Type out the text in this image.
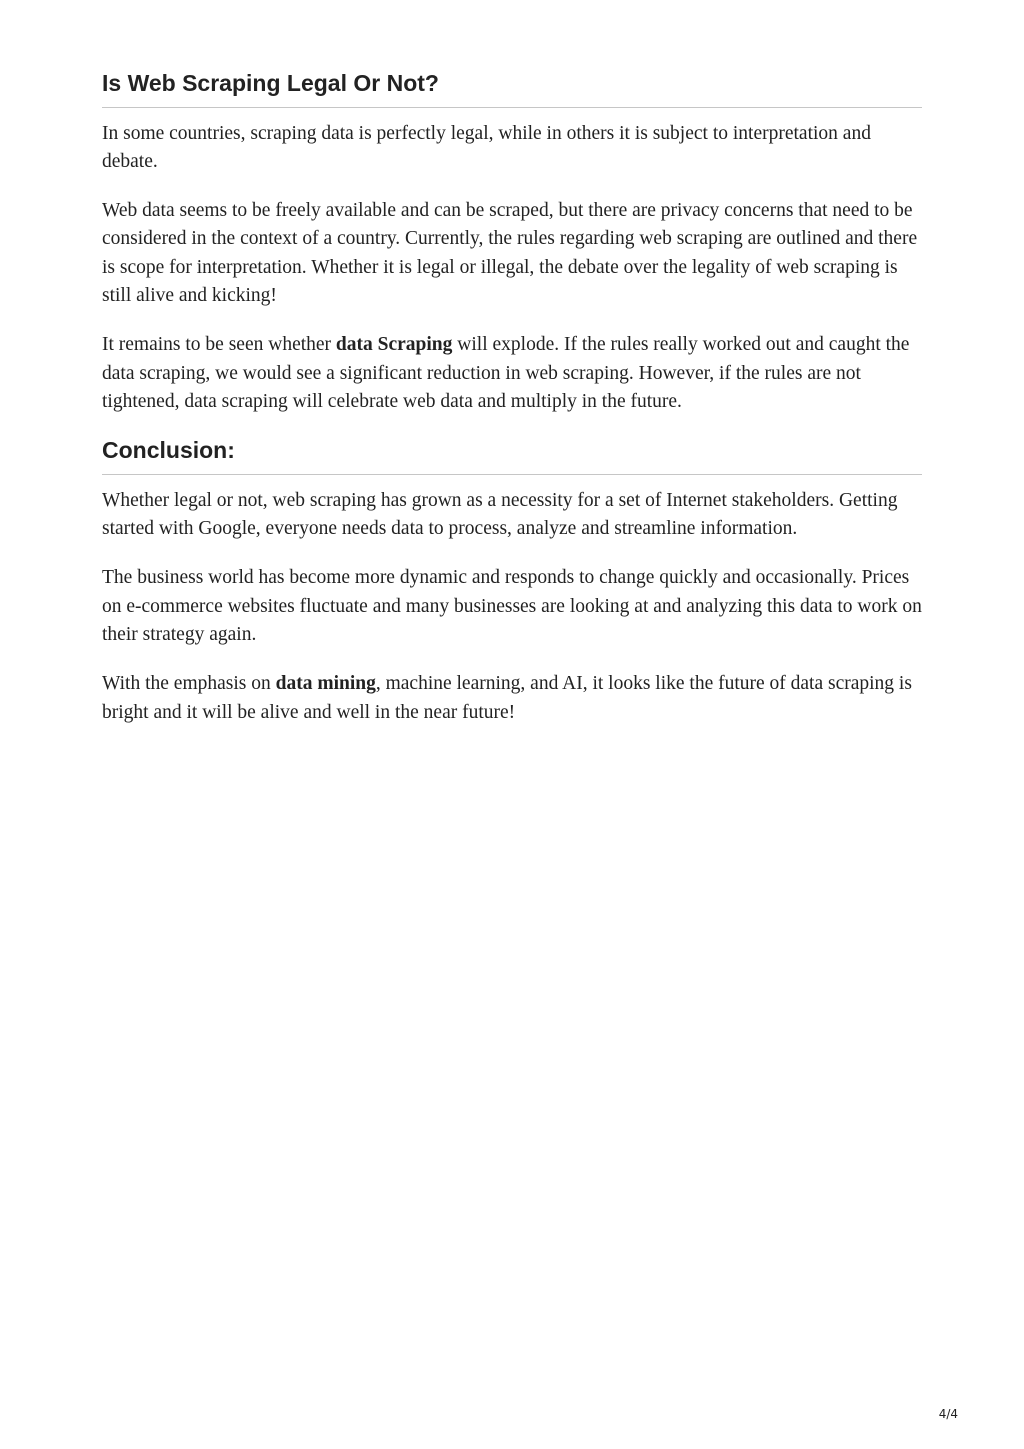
Is Web Scraping Legal Or Not?

In some countries, scraping data is perfectly legal, while in others it is subject to interpretation and debate.

Web data seems to be freely available and can be scraped, but there are privacy concerns that need to be considered in the context of a country. Currently, the rules regarding web scraping are outlined and there is scope for interpretation. Whether it is legal or illegal, the debate over the legality of web scraping is still alive and kicking!

It remains to be seen whether data Scraping will explode. If the rules really worked out and caught the data scraping, we would see a significant reduction in web scraping. However, if the rules are not tightened, data scraping will celebrate web data and multiply in the future.

Conclusion:

Whether legal or not, web scraping has grown as a necessity for a set of Internet stakeholders. Getting started with Google, everyone needs data to process, analyze and streamline information.

The business world has become more dynamic and responds to change quickly and occasionally. Prices on e-commerce websites fluctuate and many businesses are looking at and analyzing this data to work on their strategy again.

With the emphasis on data mining, machine learning, and AI, it looks like the future of data scraping is bright and it will be alive and well in the near future!

4/4
